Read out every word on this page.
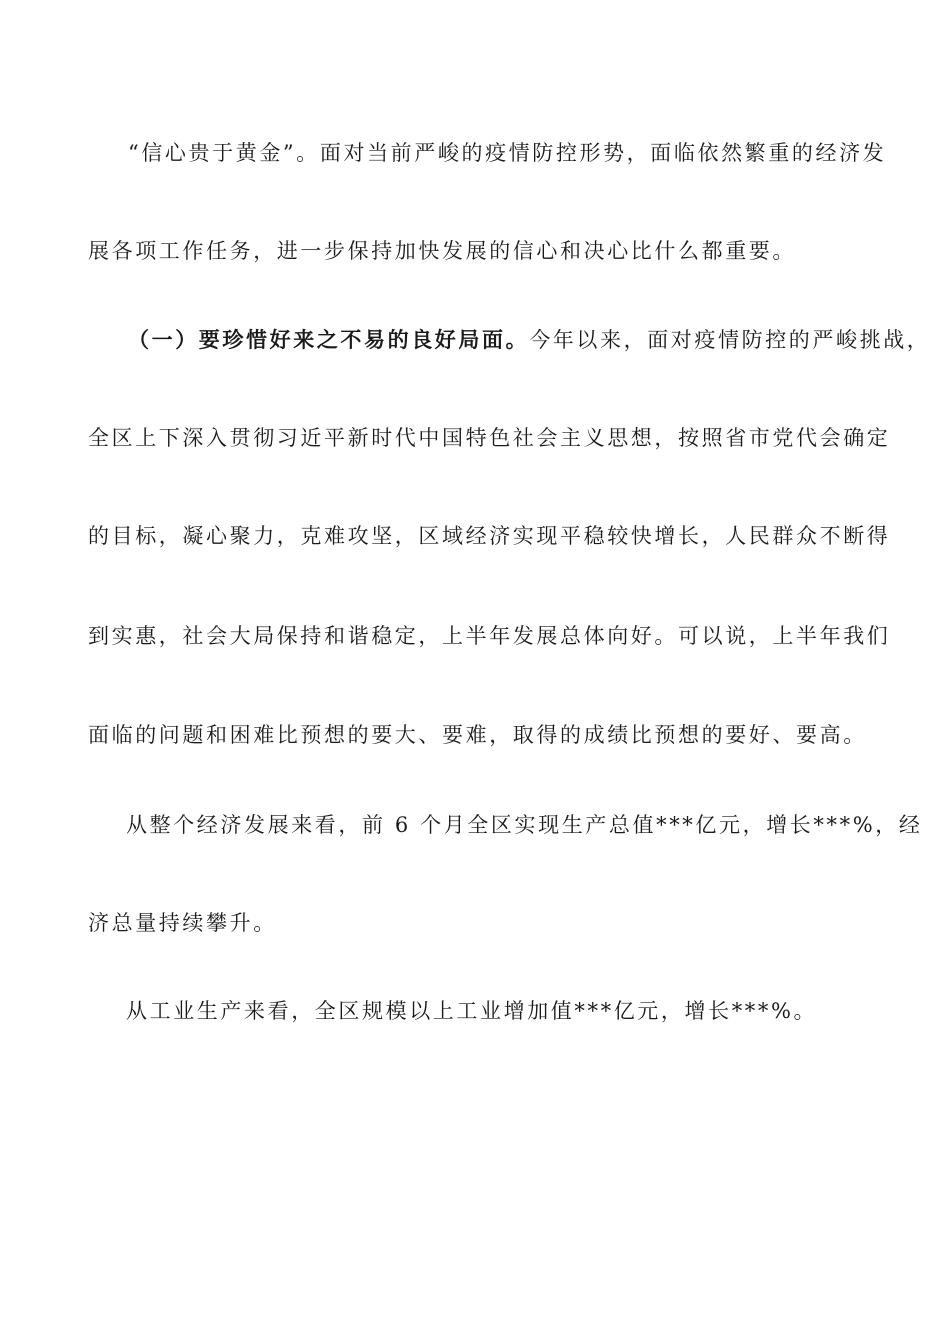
“信心贵于黄金”。面对当前严峻的疫情防控形势，面临依然繁重的经济发
展各项工作任务，进一步保持加快发展的信心和决心比什么都重要。
（一）要珍惜好来之不易的良好局面。今年以来，面对疫情防控的严峻挑战，
全区上下深入贯彻习近平新时代中国特色社会主义思想，按照省市党代会确定
的目标，凝心聚力，克难攻坚，区域经济实现平稳较快增长，人民群众不断得
到实惠，社会大局保持和谐稳定，上半年发展总体向好。可以说，上半年我们
面临的问题和困难比预想的要大、要难，取得的成绩比预想的要好、要高。
从整个经济发展来看，前 6 个月全区实现生产总值***亿元，增长***%，经
济总量持续攀升。
从工业生产来看，全区规模以上工业增加值***亿元，增长***%。
